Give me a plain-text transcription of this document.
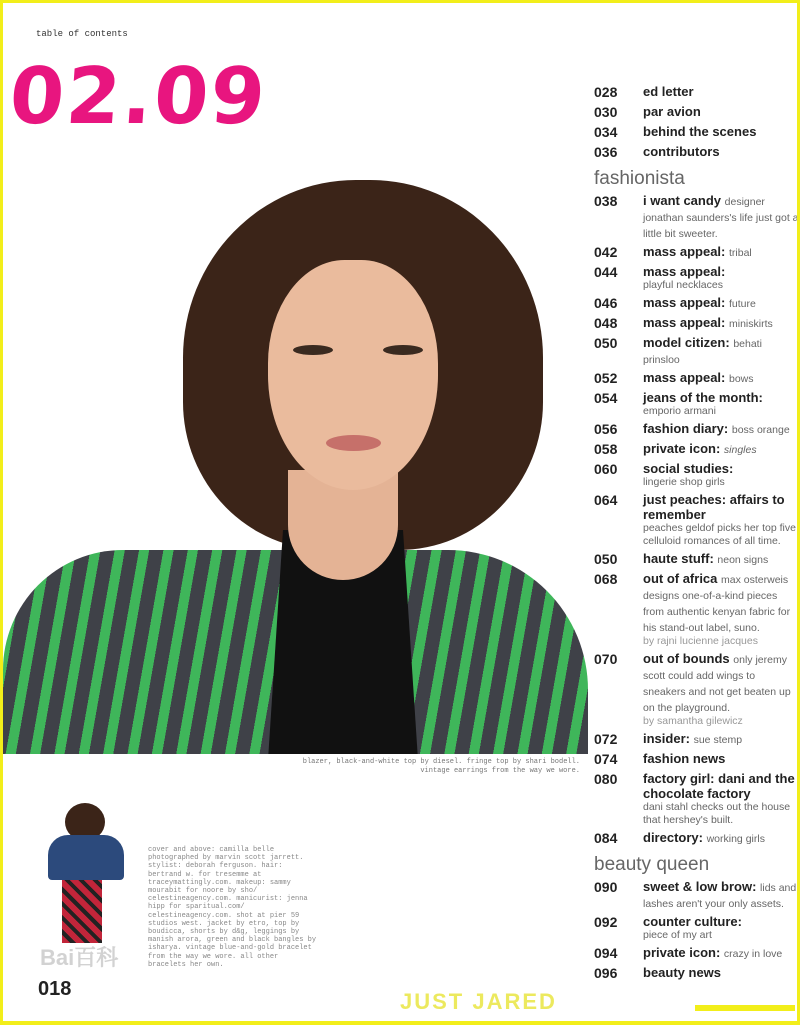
table of contents
02.09
blazer, black-and-white top by diesel. fringe top by shari bodell. vintage earrings from the way we wore.
cover and above: camilla belle photographed by marvin scott jarrett. stylist: deborah ferguson. hair: bertrand w. for tresemme at traceymattingly.com. makeup: sammy mourabit for noore by sho/ celestineagency.com. manicurist: jenna hipp for sparitual.com/ celestineagency.com. shot at pier 59 studios west. jacket by etro, top by boudicca, shorts by d&g, leggings by manish arora, green and black bangles by isharya. vintage blue-and-gold bracelet from the way we wore. all other bracelets her own.
Bai百科
018
028	ed letter
030	par avion
034	behind the scenes
036	contributors
fashionista
038	i want candy designer jonathan saunders's life just got a little bit sweeter.
042	mass appeal: tribal
044	mass appeal:
playful necklaces
046	mass appeal: future
048	mass appeal: miniskirts
050	model citizen: behati prinsloo
052	mass appeal: bows
054	jeans of the month:
emporio armani
056	fashion diary: boss orange
058	private icon: singles
060	social studies:
lingerie shop girls
064	just peaches: affairs to remember
peaches geldof picks her top five celluloid romances of all time.
050	haute stuff: neon signs
068	out of africa max osterweis designs one-of-a-kind pieces from authentic kenyan fabric for his stand-out label, suno.
by rajni lucienne jacques
070	out of bounds only jeremy scott could add wings to sneakers and not get beaten up on the playground.
by samantha gilewicz
072	insider: sue stemp
074	fashion news
080	factory girl: dani and the chocolate factory
dani stahl checks out the house that hershey's built.
084	directory: working girls
beauty queen
090	sweet & low brow: lids and lashes aren't your only assets.
092	counter culture:
piece of my art
094	private icon: crazy in love
096	beauty news
JUST JARED
